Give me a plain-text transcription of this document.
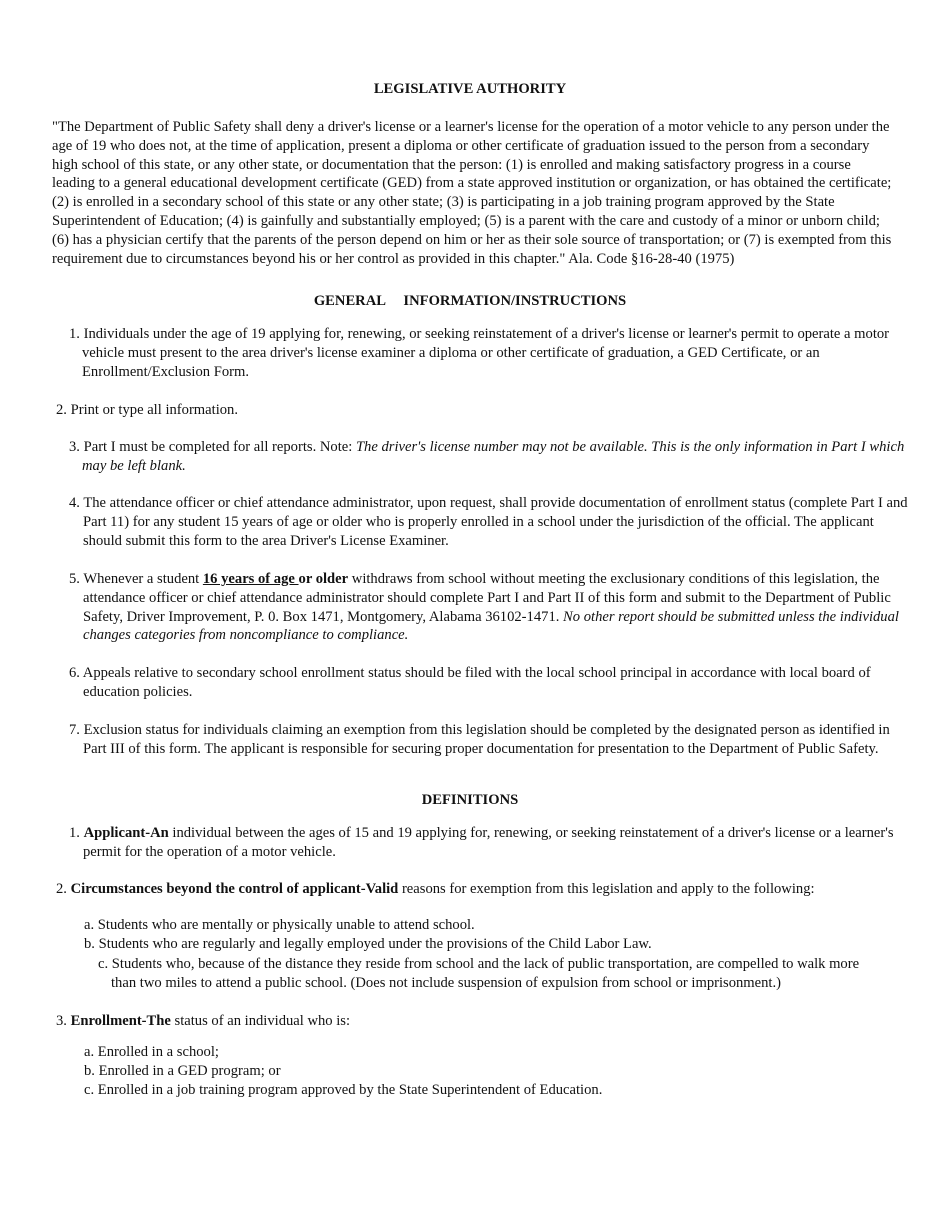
LEGISLATIVE AUTHORITY
"The Department of Public Safety shall deny a driver's license or a learner's license for the operation of a motor vehicle to any person under the age of 19 who does not, at the time of application, present a diploma or other certificate of graduation issued to the person from a secondary high school of this state, or any other state, or documentation that the person: (1) is enrolled and making satisfactory progress in a course leading to a general educational development certificate (GED) from a state approved institution or organization, or has obtained the certificate; (2) is enrolled in a secondary school of this state or any other state; (3) is participating in a job training program approved by the State Superintendent of Education; (4) is gainfully and substantially employed; (5) is a parent with the care and custody of a minor or unborn child; (6) has a physician certify that the parents of the person depend on him or her as their sole source of transportation; or (7) is exempted from this requirement due to circumstances beyond his or her control as provided in this chapter." Ala. Code §16-28-40 (1975)
GENERAL     INFORMATION/INSTRUCTIONS
1. Individuals under the age of 19 applying for, renewing, or seeking reinstatement of a driver's license or learner's permit to operate a motor vehicle must present to the area driver's license examiner a diploma or other certificate of graduation, a GED Certificate, or an Enrollment/Exclusion Form.
2. Print or type all information.
3. Part I must be completed for all reports. Note: The driver's license number may not be available. This is the only information in Part I which may be left blank.
4. The attendance officer or chief attendance administrator, upon request, shall provide documentation of enrollment status (complete Part I and Part 11) for any student 15 years of age or older who is properly enrolled in a school under the jurisdiction of the official. The applicant should submit this form to the area Driver's License Examiner.
5. Whenever a student 16 years of age or older withdraws from school without meeting the exclusionary conditions of this legislation, the attendance officer or chief attendance administrator should complete Part I and Part II of this form and submit to the Department of Public Safety, Driver Improvement, P. 0. Box 1471, Montgomery, Alabama 36102-1471. No other report should be submitted unless the individual changes categories from noncompliance to compliance.
6. Appeals relative to secondary school enrollment status should be filed with the local school principal in accordance with local board of education policies.
7. Exclusion status for individuals claiming an exemption from this legislation should be completed by the designated person as identified in Part III of this form. The applicant is responsible for securing proper documentation for presentation to the Department of Public Safety.
DEFINITIONS
1. Applicant-An individual between the ages of 15 and 19 applying for, renewing, or seeking reinstatement of a driver's license or a learner's permit for the operation of a motor vehicle.
2. Circumstances beyond the control of applicant-Valid reasons for exemption from this legislation and apply to the following:
a. Students who are mentally or physically unable to attend school.
b. Students who are regularly and legally employed under the provisions of the Child Labor Law.
c. Students who, because of the distance they reside from school and the lack of public transportation, are compelled to walk more than two miles to attend a public school. (Does not include suspension of expulsion from school or imprisonment.)
3. Enrollment-The status of an individual who is:
a. Enrolled in a school;
b. Enrolled in a GED program; or
c. Enrolled in a job training program approved by the State Superintendent of Education.
